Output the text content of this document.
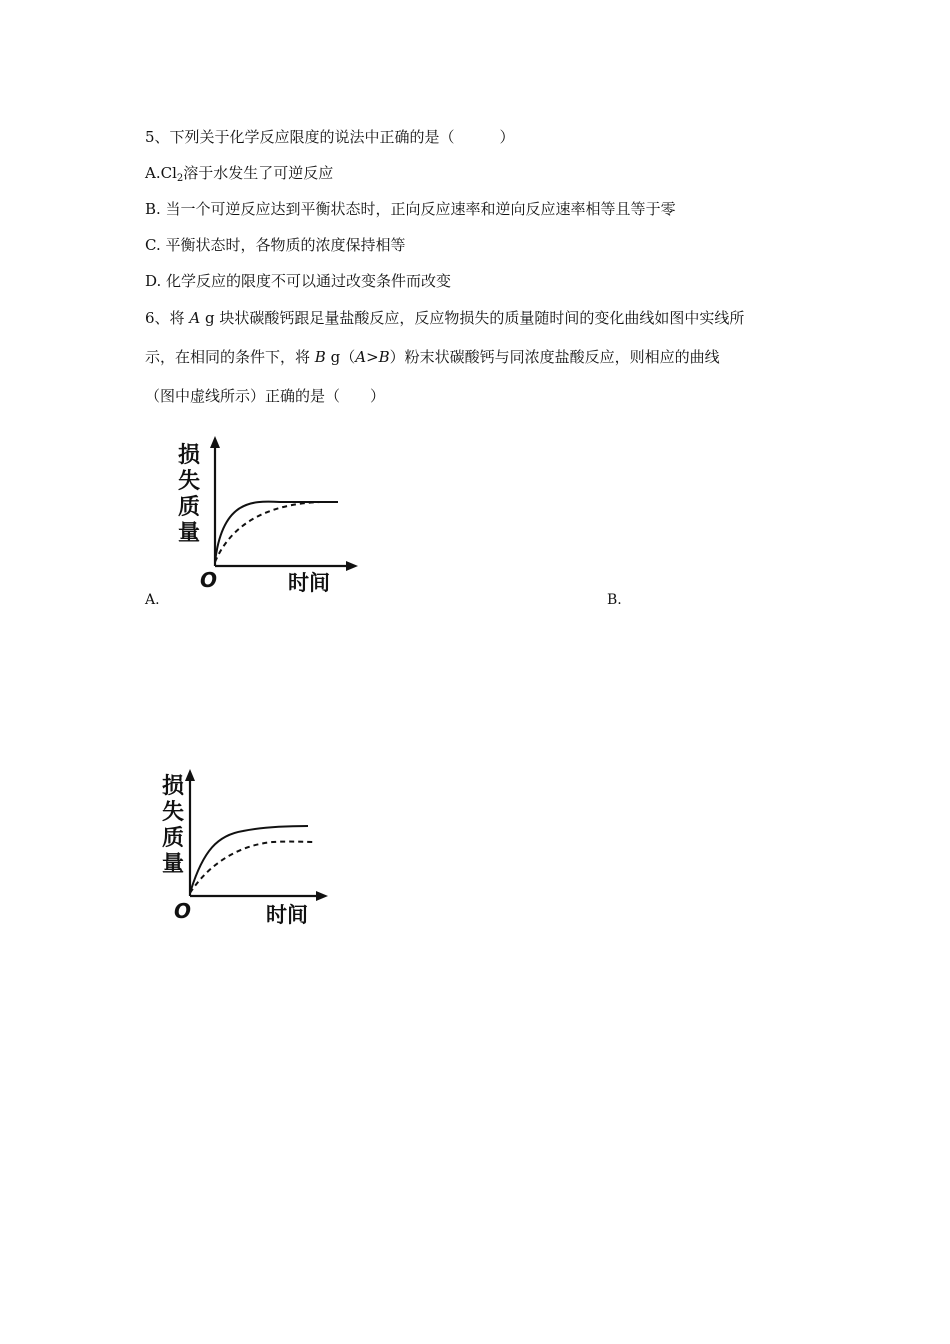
5、下列关于化学反应限度的说法中正确的是（　　　）
$A.Cl_2$溶于水发生了可逆反应
B. 当一个可逆反应达到平衡状态时，正向反应速率和逆向反应速率相等且等于零
C. 平衡状态时，各物质的浓度保持相等
D. 化学反应的限度不可以通过改变条件而改变
6、将 A g 块状碳酸钙跟足量盐酸反应，反应物损失的质量随时间的变化曲线如图中实线所
示，在相同的条件下，将 B g（A>B）粉末状碳酸钙与同浓度盐酸反应，则相应的曲线
（图中虚线所示）正确的是（　　）
损
失
质
量
O	时间
A.	B.
损
失
质
量
O	时间
